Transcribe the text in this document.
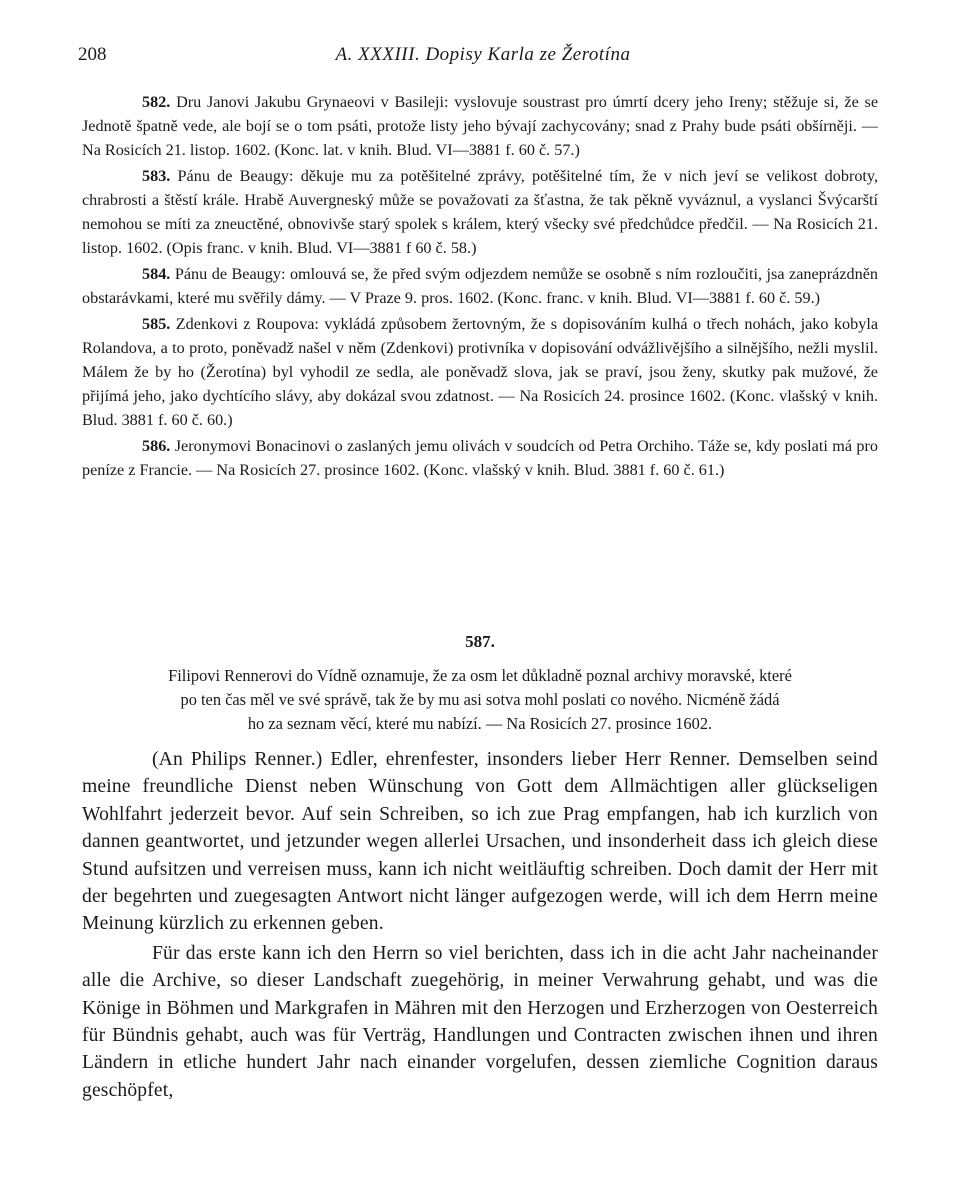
208	A. XXXIII. Dopisy Karla ze Žerotína

582. Dru Janovi Jakubu Grynaeovi v Basileji: vyslovuje soustrast pro úmrtí dcery jeho Ireny; stěžuje si, že se Jednotě špatně vede, ale bojí se o tom psáti, protože listy jeho bývají zachycovány; snad z Prahy bude psáti obšírněji. — Na Rosicích 21. listop. 1602. (Konc. lat. v knih. Blud. VI—3881 f. 60 č. 57.)

583. Pánu de Beaugy: děkuje mu za potěšitelné zprávy, potěšitelné tím, že v nich jeví se velikost dobroty, chrabrosti a štěstí krále. Hrabě Auvergneský může se považovati za šťastna, že tak pěkně vyváznul, a vyslanci Švýcarští nemohou se míti za zneuctěné, obnovivše starý spolek s králem, který všecky své předchůdce předčil. — Na Rosicích 21. listop. 1602. (Opis franc. v knih. Blud. VI—3881 f 60 č. 58.)

584. Pánu de Beaugy: omlouvá se, že před svým odjezdem nemůže se osobně s ním rozloučiti, jsa zaneprázdněn obstarávkami, které mu svěřily dámy. — V Praze 9. pros. 1602. (Konc. franc. v knih. Blud. VI—3881 f. 60 č. 59.)

585. Zdenkovi z Roupova: vykládá způsobem žertovným, že s dopisováním kulhá o třech nohách, jako kobyla Rolandova, a to proto, poněvadž našel v něm (Zdenkovi) protivníka v dopisování odvážlivějšího a silnějšího, nežli myslil. Málem že by ho (Žerotína) byl vyhodil ze sedla, ale poněvadž slova, jak se praví, jsou ženy, skutky pak mužové, že přijímá jeho, jako dychtícího slávy, aby dokázal svou zdatnost. — Na Rosicích 24. prosince 1602. (Konc. vlašský v knih. Blud. 3881 f. 60 č. 60.)

586. Jeronymovi Bonacinovi o zaslaných jemu olivách v soudcích od Petra Orchiho. Táže se, kdy poslati má pro peníze z Francie. — Na Rosicích 27. prosince 1602. (Konc. vlašský v knih. Blud. 3881 f. 60 č. 61.)

587.
Filipovi Rennerovi do Vídně oznamuje, že za osm let důkladně poznal archivy moravské, které
po ten čas měl ve své správě, tak že by mu asi sotva mohl poslati co nového. Nicméně žádá
ho za seznam věcí, které mu nabízí. — Na Rosicích 27. prosince 1602.

(An Philips Renner.) Edler, ehrenfester, insonders lieber Herr Renner. Demselben seind meine freundliche Dienst neben Wünschung von Gott dem Allmächtigen aller glückseligen Wohlfahrt jederzeit bevor. Auf sein Schreiben, so ich zue Prag empfangen, hab ich kurzlich von dannen geantwortet, und jetzunder wegen allerlei Ursachen, und insonderheit dass ich gleich diese Stund aufsitzen und verreisen muss, kann ich nicht weitläuftig schreiben. Doch damit der Herr mit der begehrten und zuegesagten Antwort nicht länger aufgezogen werde, will ich dem Herrn meine Meinung kürzlich zu erkennen geben.

Für das erste kann ich den Herrn so viel berichten, dass ich in die acht Jahr nacheinander alle die Archive, so dieser Landschaft zuegehörig, in meiner Verwahrung gehabt, und was die Könige in Böhmen und Markgrafen in Mähren mit den Herzogen und Erzherzogen von Oesterreich für Bündnis gehabt, auch was für Verträg, Handlungen und Contracten zwischen ihnen und ihren Ländern in etliche hundert Jahr nach einander vorgelufen, dessen ziemliche Cognition daraus geschöpfet,
